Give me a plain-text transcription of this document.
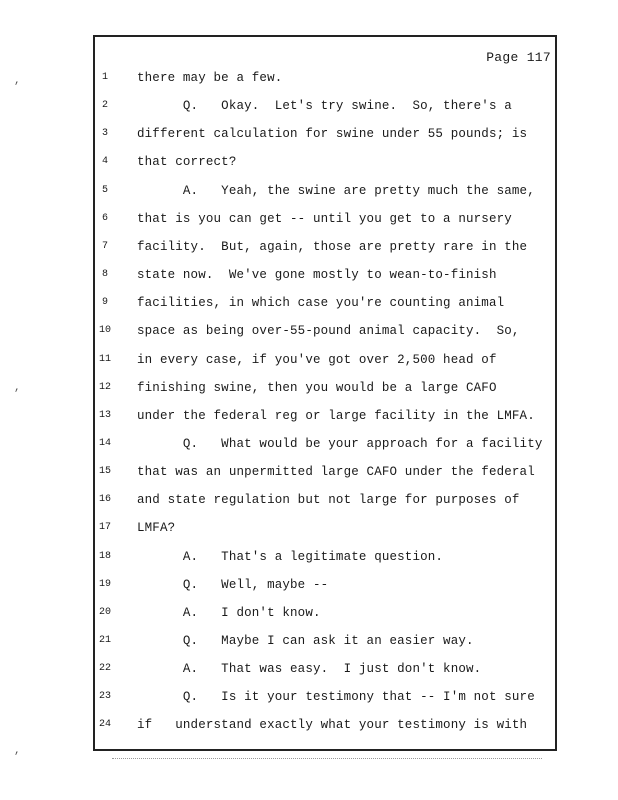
Page 117
,
,
,
1	there may be a few.
2	Q.   Okay.  Let's try swine.  So, there's a
3	different calculation for swine under 55 pounds; is
4	that correct?
5	A.   Yeah, the swine are pretty much the same,
6	that is you can get -- until you get to a nursery
7	facility.  But, again, those are pretty rare in the
8	state now.  We've gone mostly to wean-to-finish
9	facilities, in which case you're counting animal
10 space as being over-55-pound animal capacity.  So,
11 in every case, if you've got over 2,500 head of
12 finishing swine, then you would be a large CAFO
13 under the federal reg or large facility in the LMFA.
14 Q.   What would be your approach for a facility
15 that was an unpermitted large CAFO under the federal
16 and state regulation but not large for purposes of
17 LMFA?
18 A.   That's a legitimate question.
19 Q.   Well, maybe --
20 A.   I don't know.
21 Q.   Maybe I can ask it an easier way.
22 A.   That was easy.  I just don't know.
23 Q.   Is it your testimony that -- I'm not sure
24 if   understand exactly what your testimony is with
